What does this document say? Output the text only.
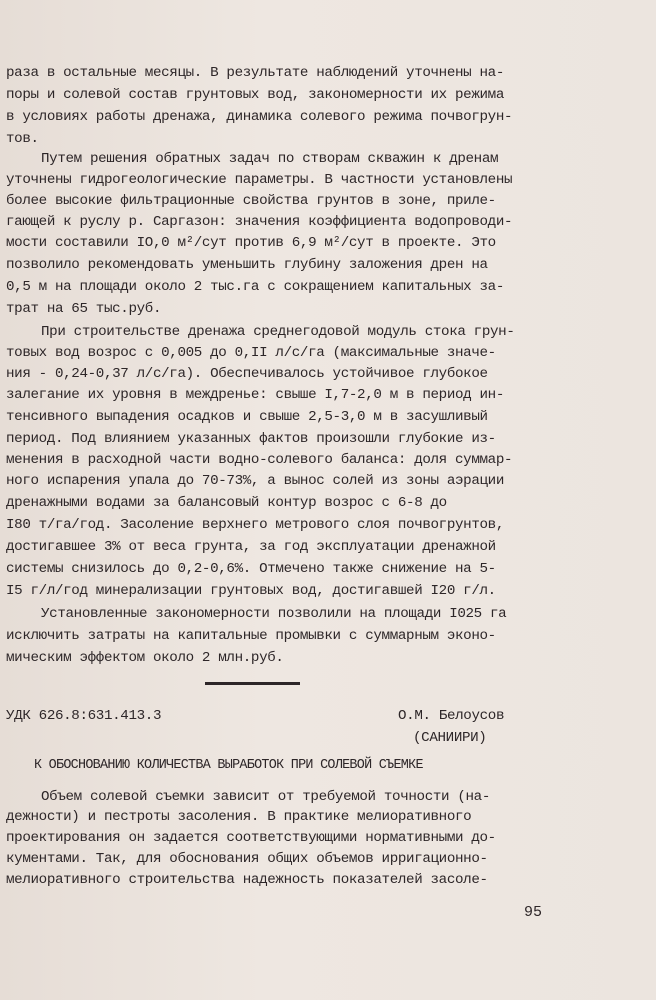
раза в остальные месяцы. В результате наблюдений уточнены на-
поры и солевой состав грунтовых вод, закономерности их режима
в условиях работы дренажа, динамика солевого режима почвогрун-
тов.
Путем решения обратных задач по створам скважин к дренам
уточнены гидрогеологические параметры. В частности установлены
более высокие фильтрационные свойства грунтов в зоне, приле-
гающей к руслу р. Саргазон: значения коэффициента водопроводи-
мости составили IO,0 м²/сут против 6,9 м²/сут в проекте. Это
позволило рекомендовать уменьшить глубину заложения дрен на
0,5 м на площади около 2 тыс.га с сокращением капитальных за-
трат на 65 тыс.руб.
При строительстве дренажа среднегодовой модуль стока грун-
товых вод возрос с 0,005 до 0,II л/с/га (максимальные значе-
ния - 0,24-0,37 л/с/га). Обеспечивалось устойчивое глубокое
залегание их уровня в междренье: свыше I,7-2,0 м в период ин-
тенсивного выпадения осадков и свыше 2,5-3,0 м в засушливый
период. Под влиянием указанных фактов произошли глубокие из-
менения в расходной части водно-солевого баланса: доля суммар-
ного испарения упала до 70-73%, а вынос солей из зоны аэрации
дренажными водами за балансовый контур возрос с 6-8 до
I80 т/га/год. Засоление верхнего метрового слоя почвогрунтов,
достигавшее 3% от веса грунта, за год эксплуатации дренажной
системы снизилось до 0,2-0,6%. Отмечено также снижение на 5-
I5 г/л/год минерализации грунтовых вод, достигавшей I20 г/л.
Установленные закономерности позволили на площади I025 га
исключить затраты на капитальные промывки с суммарным эконо-
мическим эффектом около 2 млн.руб.
УДК 626.8:631.413.3	О.М. Белоусов
(САНИИРИ)
К ОБОСНОВАНИЮ КОЛИЧЕСТВА ВЫРАБОТОК ПРИ СОЛЕВОЙ СЪЕМКЕ
Объем солевой съемки зависит от требуемой точности (на-
дежности) и пестроты засоления. В практике мелиоративного
проектирования он задается соответствующими нормативными до-
кументами. Так, для обоснования общих объемов ирригационно-
мелиоративного строительства надежность показателей засоле-
95
